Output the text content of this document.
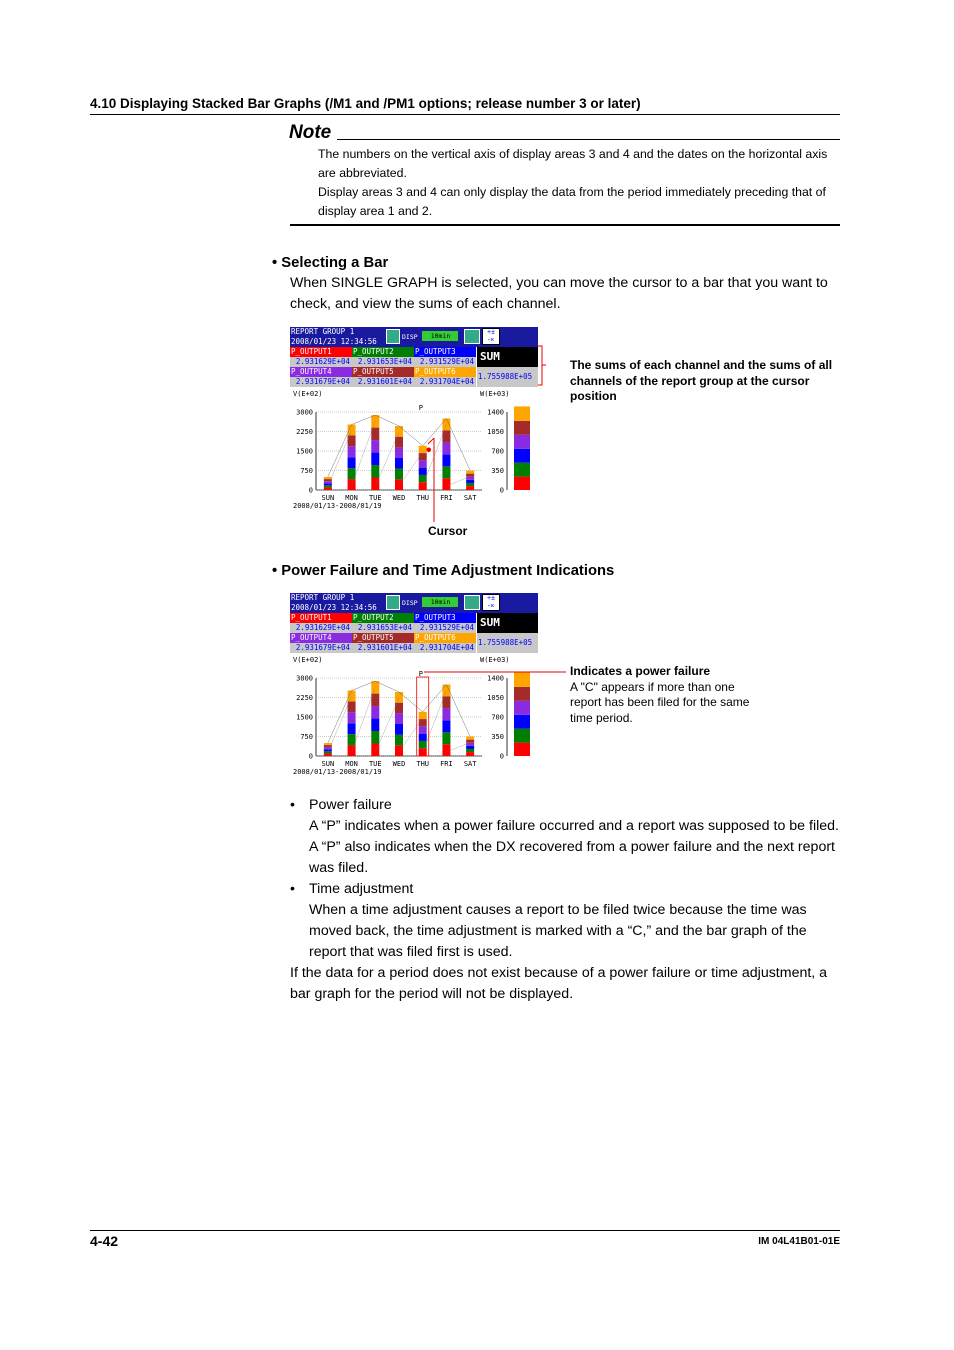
4.10 Displaying Stacked Bar Graphs (/M1 and /PM1 options; release number 3 or later)
Note

The numbers on the vertical axis of display areas 3 and 4 and the dates on the horizontal axis are abbreviated.

Display areas 3 and 4 can only display the data from the period immediately preceding that of display area 1 and 2.

• Selecting a Bar
When SINGLE GRAPH is selected, you can move the cursor to a bar that you want to check, and view the sums of each channel.
REPORT GROUP 1
2008/01/23 12:34:56	DISP	10min	+± -×
P_OUTPUT1
2.931629E+04
P_OUTPUT2
2.931653E+04
P_OUTPUT3
2.931529E+04
P_OUTPUT4
2.931679E+04
P_OUTPUT5
2.931601E+04
P_OUTPUT6
2.931704E+04
SUM
1.755988E+05
V(E+02)	W(E+03)
3000	1400
2250	1050
1500	700
750	350
0	0
SUN MON TUE WED THU FRI SAT
2008/01/13-2008/01/19
P
The sums of each channel and the sums of all channels of the report group at the cursor position
Cursor
• Power Failure and Time Adjustment Indications
REPORT GROUP 1
2008/01/23 12:34:56	DISP	10min	+± -×
P_OUTPUT1
2.931629E+04
P_OUTPUT2
2.931653E+04
P_OUTPUT3
2.931529E+04
P_OUTPUT4
2.931679E+04
P_OUTPUT5
2.931601E+04
P_OUTPUT6
2.931704E+04
SUM
1.755988E+05
V(E+02)	W(E+03)
3000	1400
2250	1050
1500	700
750	350
0	0
SUN MON TUE WED THU FRI SAT
2008/01/13-2008/01/19
P	Indicates a power failure
A "C" appears if more than one report has been filed for the same time period.
• Power failure
A “P” indicates when a power failure occurred and a report was supposed to be filed. A “P” also indicates when the DX recovered from a power failure and the next report was filed.
• Time adjustment
When a time adjustment causes a report to be filed twice because the time was moved back, the time adjustment is marked with a “C,” and the bar graph of the report that was filed first is used.
If the data for a period does not exist because of a power failure or time adjustment, a bar graph for the period will not be displayed.
4-42	IM 04L41B01-01E
